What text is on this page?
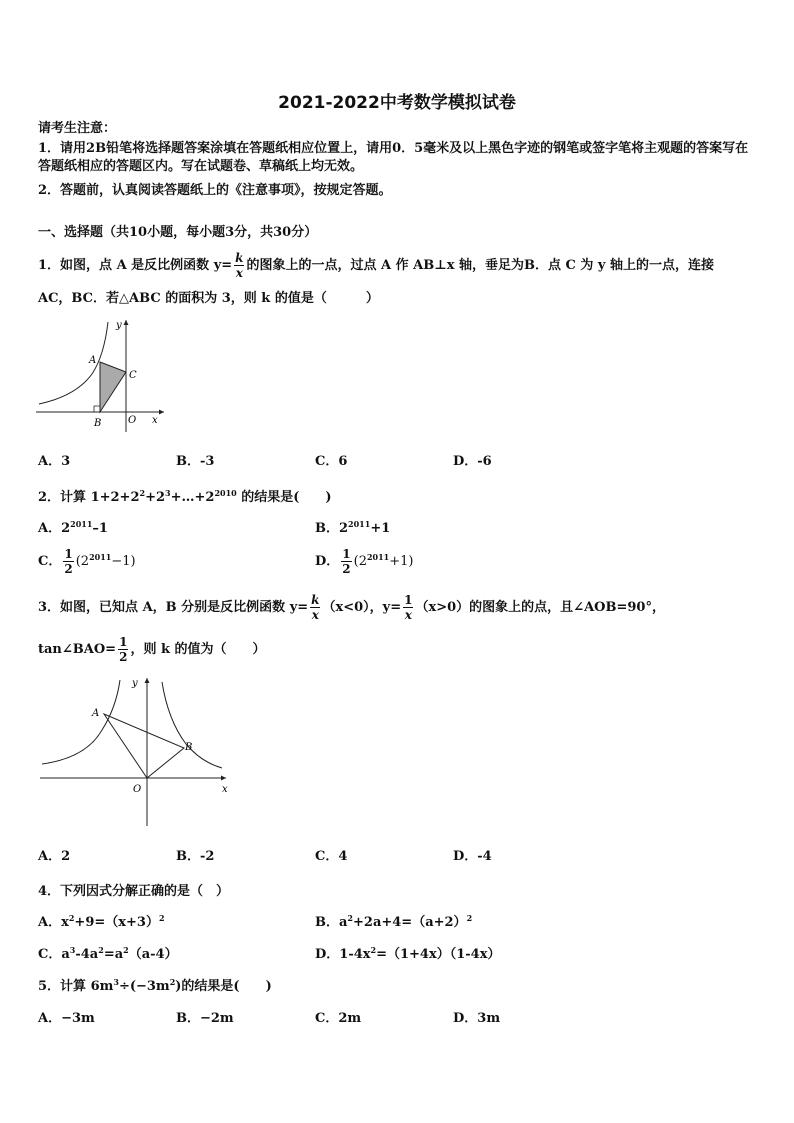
2021-2022中考数学模拟试卷
请考生注意：
1．请用2B铅笔将选择题答案涂填在答题纸相应位置上，请用0．5毫米及以上黑色字迹的钢笔或签字笔将主观题的答案写在答题纸相应的答题区内。写在试题卷、草稿纸上均无效。
2．答题前，认真阅读答题纸上的《注意事项》，按规定答题。
一、选择题（共10小题，每小题3分，共30分）
1．如图，点 A 是反比例函数 $y= \frac{k}{x}$ 的图象上的一点，过点 A 作 AB⊥x 轴，垂足为B．点 C 为 y 轴上的一点，连接
AC，BC．若△ABC 的面积为 3，则 k 的值是（　　　）
x
y
A
B
C
O
A．3	B．-3	C．6	D．-6
2．计算 $1+2+2^2+2^3+\dots+2^{2010}$ 的结果是(　　)
A．$2^{2011}-1$	B．$2^{2011}+1$
C． $\frac{1}{2} (2^{2011}-1)$	D． $\frac{1}{2} (2^{2011}+1)$
3．如图，已知点 A，B 分别是反比例函数 $y= \frac{k}{x} (x<0)$，$y= \frac{1}{x} (x>0)$的图象上的点，且∠AOB=90°，
tan∠BAO= $\frac{1}{2}$ ，则 k 的值为（　　）
x
y
A
B
O
A．2	B．-2	C．4	D．-4
4．下列因式分解正确的是（　）
A．$x^2+9=(x+3)^2$	B．$a^2+2a+4=(a+2)^2$
C．$a^3-4a^2=a^2(a-4)$	D．$1-4x^2=(1+4x)(1-4x)$
5．计算 $6m^3\div(-3m^2)$的结果是(　　)
A．−3m	B．−2m	C．2m	D．3m
